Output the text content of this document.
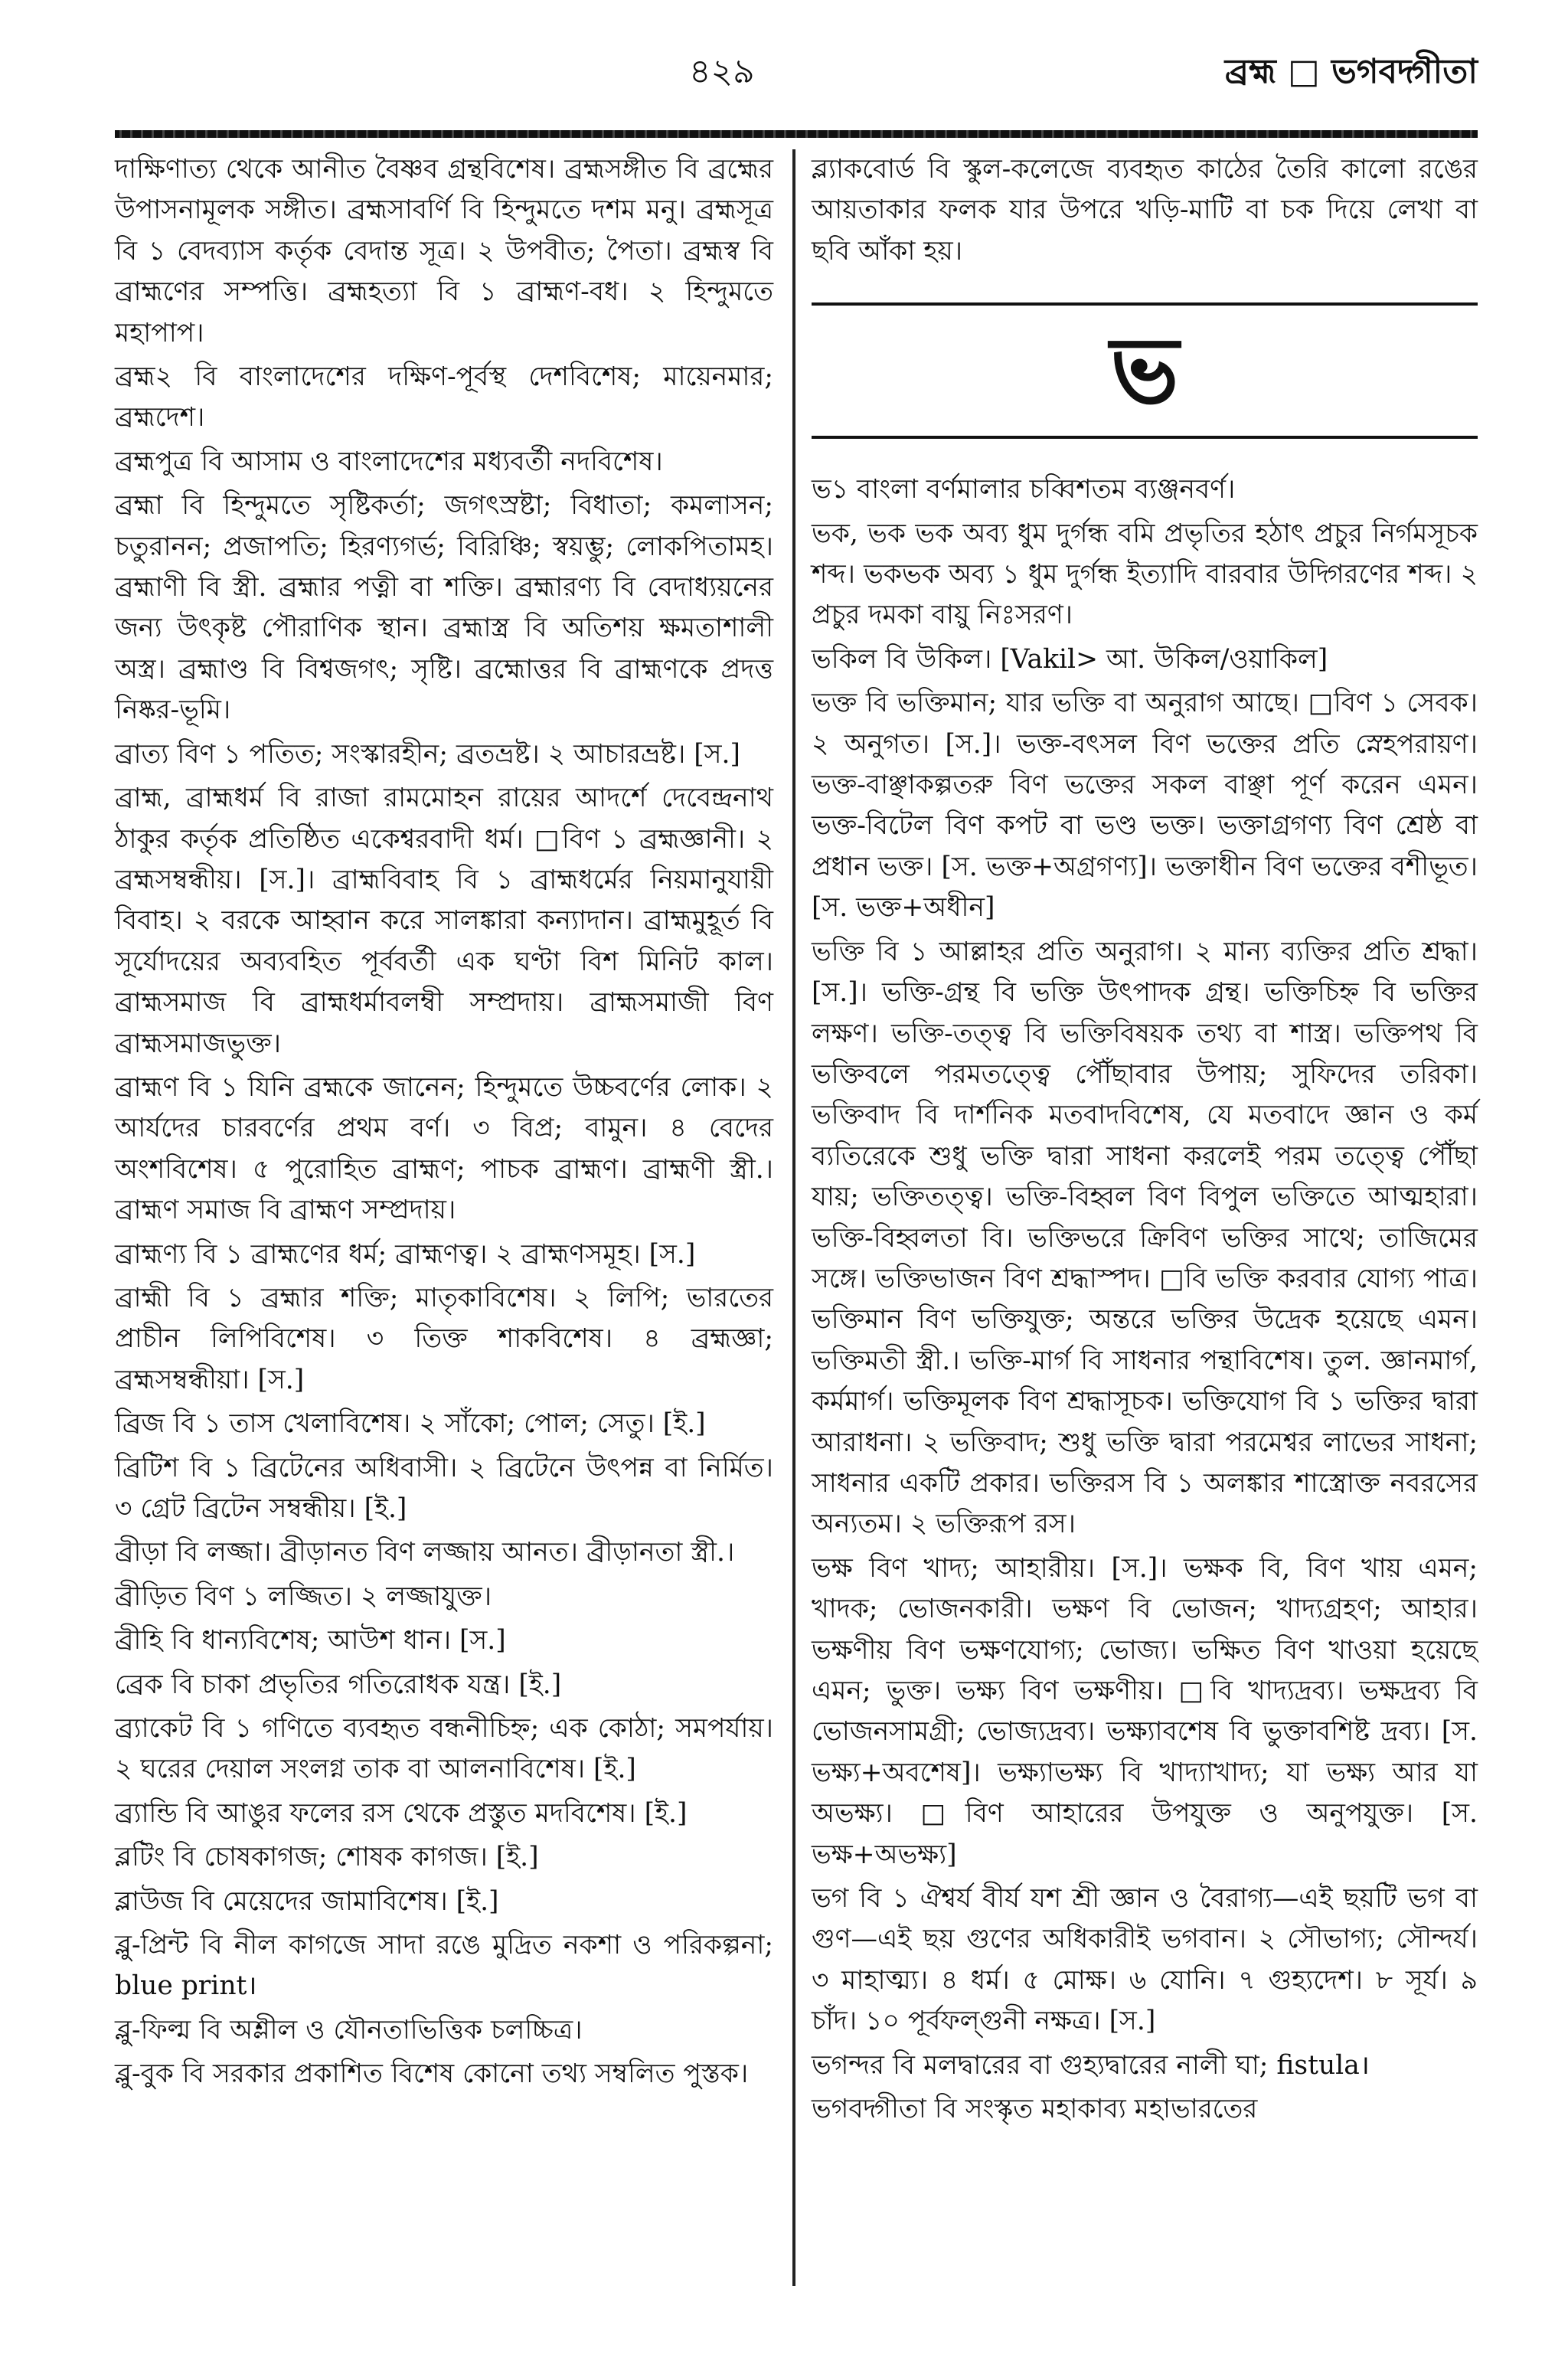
৪২৯	ব্রহ্ম □ ভগবদ্গীতা

দাক্ষিণাত্য থেকে আনীত বৈষ্ণব গ্রন্থবিশেষ। ব্রহ্মসঙ্গীত বি ব্রহ্মের উপাসনামূলক সঙ্গীত। ব্রহ্মসাবর্ণি বি হিন্দুমতে দশম মনু। ব্রহ্মসূত্র বি ১ বেদব্যাস কর্তৃক বেদান্ত সূত্র। ২ উপবীত; পৈতা। ব্রহ্মস্ব বি ব্রাহ্মণের সম্পত্তি। ব্রহ্মহত্যা বি ১ ব্রাহ্মণ-বধ। ২ হিন্দুমতে মহাপাপ।

ব্রহ্ম২ বি বাংলাদেশের দক্ষিণ-পূর্বস্থ দেশবিশেষ; মায়েনমার; ব্রহ্মদেশ।

ব্রহ্মপুত্র বি আসাম ও বাংলাদেশের মধ্যবর্তী নদবিশেষ।

ব্রহ্মা বি হিন্দুমতে সৃষ্টিকর্তা; জগৎস্রষ্টা; বিধাতা; কমলাসন; চতুরানন; প্রজাপতি; হিরণ্যগর্ভ; বিরিঞ্চি; স্বয়ম্ভু; লোকপিতামহ। ব্রহ্মাণী বি স্ত্রী. ব্রহ্মার পত্নী বা শক্তি। ব্রহ্মারণ্য বি বেদাধ্যয়নের জন্য উৎকৃষ্ট পৌরাণিক স্থান। ব্রহ্মাস্ত্র বি অতিশয় ক্ষমতাশালী অস্ত্র। ব্রহ্মাণ্ড বি বিশ্বজগৎ; সৃষ্টি। ব্রহ্মোত্তর বি ব্রাহ্মণকে প্রদত্ত নিষ্কর-ভূমি।

ব্রাত্য বিণ ১ পতিত; সংস্কারহীন; ব্রতভ্রষ্ট। ২ আচারভ্রষ্ট। [স.]

ব্রাহ্ম, ব্রাহ্মধর্ম বি রাজা রামমোহন রায়ের আদর্শে দেবেন্দ্রনাথ ঠাকুর কর্তৃক প্রতিষ্ঠিত একেশ্বরবাদী ধর্ম। □বিণ ১ ব্রহ্মজ্ঞানী। ২ ব্রহ্মসম্বন্ধীয়। [স.]। ব্রাহ্মবিবাহ বি ১ ব্রাহ্মধর্মের নিয়মানুযায়ী বিবাহ। ২ বরকে আহ্বান করে সালঙ্কারা কন্যাদান। ব্রাহ্মমুহূর্ত বি সূর্যোদয়ের অব্যবহিত পূর্ববর্তী এক ঘণ্টা বিশ মিনিট কাল। ব্রাহ্মসমাজ বি ব্রাহ্মধর্মাবলম্বী সম্প্রদায়। ব্রাহ্মসমাজী বিণ ব্রাহ্মসমাজভুক্ত।

ব্রাহ্মণ বি ১ যিনি ব্রহ্মকে জানেন; হিন্দুমতে উচ্চবর্ণের লোক। ২ আর্যদের চারবর্ণের প্রথম বর্ণ। ৩ বিপ্র; বামুন। ৪ বেদের অংশবিশেষ। ৫ পুরোহিত ব্রাহ্মণ; পাচক ব্রাহ্মণ। ব্রাহ্মণী স্ত্রী.। ব্রাহ্মণ সমাজ বি ব্রাহ্মণ সম্প্রদায়।

ব্রাহ্মণ্য বি ১ ব্রাহ্মণের ধর্ম; ব্রাহ্মণত্ব। ২ ব্রাহ্মণসমূহ। [স.]

ব্রাহ্মী বি ১ ব্রহ্মার শক্তি; মাতৃকাবিশেষ। ২ লিপি; ভারতের প্রাচীন লিপিবিশেষ। ৩ তিক্ত শাকবিশেষ। ৪ ব্রহ্মজ্ঞা; ব্রহ্মসম্বন্ধীয়া। [স.]

ব্রিজ বি ১ তাস খেলাবিশেষ। ২ সাঁকো; পোল; সেতু। [ই.]

ব্রিটিশ বি ১ ব্রিটেনের অধিবাসী। ২ ব্রিটেনে উৎপন্ন বা নির্মিত। ৩ গ্রেট ব্রিটেন সম্বন্ধীয়। [ই.]

ব্রীড়া বি লজ্জা। ব্রীড়ানত বিণ লজ্জায় আনত। ব্রীড়ানতা স্ত্রী.।

ব্রীড়িত বিণ ১ লজ্জিত। ২ লজ্জাযুক্ত।

ব্রীহি বি ধান্যবিশেষ; আউশ ধান। [স.]

ব্রেক বি চাকা প্রভৃতির গতিরোধক যন্ত্র। [ই.]

ব্র্যাকেট বি ১ গণিতে ব্যবহৃত বন্ধনীচিহ্ন; এক কোঠা; সমপর্যায়। ২ ঘরের দেয়াল সংলগ্ন তাক বা আলনাবিশেষ। [ই.]

ব্র্যান্ডি বি আঙুর ফলের রস থেকে প্রস্তুত মদবিশেষ। [ই.]

ব্লটিং বি চোষকাগজ; শোষক কাগজ। [ই.]

ব্লাউজ বি মেয়েদের জামাবিশেষ। [ই.]

ব্লু-প্রিন্ট বি নীল কাগজে সাদা রঙে মুদ্রিত নকশা ও পরিকল্পনা; blue print।

ব্লু-ফিল্ম বি অশ্লীল ও যৌনতাভিত্তিক চলচ্চিত্র।

ব্লু-বুক বি সরকার প্রকাশিত বিশেষ কোনো তথ্য সম্বলিত পুস্তক।

ব্ল্যাকবোর্ড বি স্কুল-কলেজে ব্যবহৃত কাঠের তৈরি কালো রঙের আয়তাকার ফলক যার উপরে খড়ি-মাটি বা চক দিয়ে লেখা বা ছবি আঁকা হয়।

ভ

ভ১ বাংলা বর্ণমালার চব্বিশতম ব্যঞ্জনবর্ণ।

ভক, ভক ভক অব্য ধুম দুর্গন্ধ বমি প্রভৃতির হঠাৎ প্রচুর নির্গমসূচক শব্দ। ভকভক অব্য ১ ধুম দুর্গন্ধ ইত্যাদি বারবার উদ্গিরণের শব্দ। ২ প্রচুর দমকা বায়ু নিঃসরণ।

ভকিল বি উকিল। [Vakil> আ. উকিল/ওয়াকিল]

ভক্ত বি ভক্তিমান; যার ভক্তি বা অনুরাগ আছে। □বিণ ১ সেবক। ২ অনুগত। [স.]। ভক্ত-বৎসল বিণ ভক্তের প্রতি স্নেহপরায়ণ। ভক্ত-বাঞ্ছাকল্পতরু বিণ ভক্তের সকল বাঞ্ছা পূর্ণ করেন এমন। ভক্ত-বিটেল বিণ কপট বা ভণ্ড ভক্ত। ভক্তাগ্রগণ্য বিণ শ্রেষ্ঠ বা প্রধান ভক্ত। [স. ভক্ত+অগ্রগণ্য]। ভক্তাধীন বিণ ভক্তের বশীভূত। [স. ভক্ত+অধীন]

ভক্তি বি ১ আল্লাহর প্রতি অনুরাগ। ২ মান্য ব্যক্তির প্রতি শ্রদ্ধা। [স.]। ভক্তি-গ্রন্থ বি ভক্তি উৎপাদক গ্রন্থ। ভক্তিচিহ্ন বি ভক্তির লক্ষণ। ভক্তি-তত্ত্ব বি ভক্তিবিষয়ক তথ্য বা শাস্ত্র। ভক্তিপথ বি ভক্তিবলে পরমতত্ত্বে পৌঁছাবার উপায়; সুফিদের তরিকা। ভক্তিবাদ বি দার্শনিক মতবাদবিশেষ, যে মতবাদে জ্ঞান ও কর্ম ব্যতিরেকে শুধু ভক্তি দ্বারা সাধনা করলেই পরম তত্ত্বে পৌঁছা যায়; ভক্তিতত্ত্ব। ভক্তি-বিহ্বল বিণ বিপুল ভক্তিতে আত্মহারা। ভক্তি-বিহ্বলতা বি। ভক্তিভরে ক্রিবিণ ভক্তির সাথে; তাজিমের সঙ্গে। ভক্তিভাজন বিণ শ্রদ্ধাস্পদ। □বি ভক্তি করবার যোগ্য পাত্র। ভক্তিমান বিণ ভক্তিযুক্ত; অন্তরে ভক্তির উদ্রেক হয়েছে এমন। ভক্তিমতী স্ত্রী.। ভক্তি-মার্গ বি সাধনার পন্থাবিশেষ। তুল. জ্ঞানমার্গ, কর্মমার্গ। ভক্তিমূলক বিণ শ্রদ্ধাসূচক। ভক্তিযোগ বি ১ ভক্তির দ্বারা আরাধনা। ২ ভক্তিবাদ; শুধু ভক্তি দ্বারা পরমেশ্বর লাভের সাধনা; সাধনার একটি প্রকার। ভক্তিরস বি ১ অলঙ্কার শাস্ত্রোক্ত নবরসের অন্যতম। ২ ভক্তিরূপ রস।

ভক্ষ বিণ খাদ্য; আহারীয়। [স.]। ভক্ষক বি, বিণ খায় এমন; খাদক; ভোজনকারী। ভক্ষণ বি ভোজন; খাদ্যগ্রহণ; আহার। ভক্ষণীয় বিণ ভক্ষণযোগ্য; ভোজ্য। ভক্ষিত বিণ খাওয়া হয়েছে এমন; ভুক্ত। ভক্ষ্য বিণ ভক্ষণীয়। □বি খাদ্যদ্রব্য। ভক্ষদ্রব্য বি ভোজনসামগ্রী; ভোজ্যদ্রব্য। ভক্ষ্যাবশেষ বি ভুক্তাবশিষ্ট দ্রব্য। [স. ভক্ষ্য+অবশেষ]। ভক্ষ্যাভক্ষ্য বি খাদ্যাখাদ্য; যা ভক্ষ্য আর যা অভক্ষ্য। □বিণ আহারের উপযুক্ত ও অনুপযুক্ত। [স. ভক্ষ+অভক্ষ্য]

ভগ বি ১ ঐশ্বর্য বীর্য যশ শ্রী জ্ঞান ও বৈরাগ্য—এই ছয়টি ভগ বা গুণ—এই ছয় গুণের অধিকারীই ভগবান। ২ সৌভাগ্য; সৌন্দর্য। ৩ মাহাত্ম্য। ৪ ধর্ম। ৫ মোক্ষ। ৬ যোনি। ৭ গুহ্যদেশ। ৮ সূর্য। ৯ চাঁদ। ১০ পূর্বফল্গুনী নক্ষত্র। [স.]

ভগন্দর বি মলদ্বারের বা গুহ্যদ্বারের নালী ঘা; fistula।

ভগবদ্গীতা বি সংস্কৃত মহাকাব্য মহাভারতের
